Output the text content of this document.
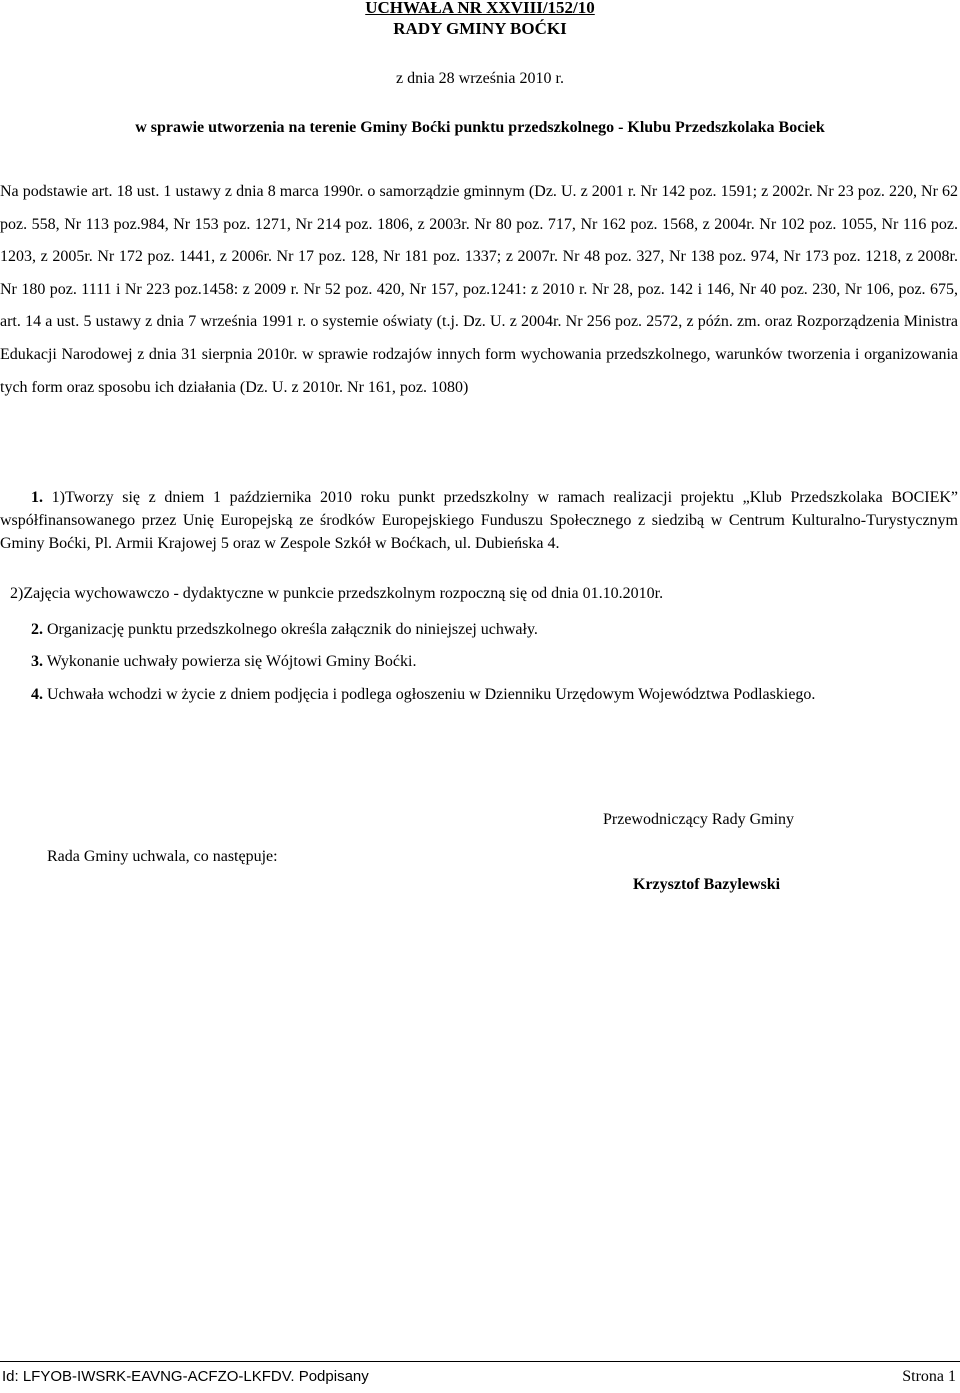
UCHWAŁA NR XXVIII/152/10
RADY GMINY BOĆKI
z dnia 28 września 2010 r.
w sprawie utworzenia na terenie Gminy Boćki punktu przedszkolnego - Klubu Przedszkolaka Bociek
Na podstawie art. 18 ust. 1 ustawy z dnia 8 marca 1990r. o samorządzie gminnym (Dz. U. z 2001 r. Nr 142 poz. 1591; z 2002r. Nr 23 poz. 220, Nr 62 poz. 558, Nr 113 poz.984, Nr 153 poz. 1271, Nr 214 poz. 1806, z 2003r. Nr 80 poz. 717, Nr 162 poz. 1568, z 2004r. Nr 102 poz. 1055, Nr 116 poz. 1203, z 2005r. Nr 172 poz. 1441, z 2006r. Nr 17 poz. 128, Nr 181 poz. 1337; z 2007r. Nr 48 poz. 327, Nr 138 poz. 974, Nr 173 poz. 1218, z 2008r. Nr 180 poz. 1111 i Nr 223 poz.1458: z 2009 r. Nr 52 poz. 420, Nr 157, poz.1241: z 2010 r. Nr 28, poz. 142 i 146, Nr 40 poz. 230, Nr 106, poz. 675, art. 14 a ust. 5 ustawy z dnia 7 września 1991 r. o systemie oświaty (t.j. Dz. U. z 2004r. Nr 256 poz. 2572, z późn. zm. oraz Rozporządzenia Ministra Edukacji Narodowej z dnia 31 sierpnia 2010r. w sprawie rodzajów innych form wychowania przedszkolnego, warunków tworzenia i organizowania tych form oraz sposobu ich działania (Dz. U. z 2010r. Nr 161, poz. 1080)
Rada Gminy uchwala, co następuje:
1. 1)Tworzy się z dniem 1 października 2010 roku punkt przedszkolny w ramach realizacji projektu „Klub Przedszkolaka BOCIEK” współfinansowanego przez Unię Europejską ze środków Europejskiego Funduszu Społecznego z siedzibą w Centrum Kulturalno-Turystycznym Gminy Boćki, Pl. Armii Krajowej 5 oraz w Zespole Szkół w Boćkach, ul. Dubieńska 4.
2)Zajęcia wychowawczo - dydaktyczne w punkcie przedszkolnym rozpoczną się od dnia 01.10.2010r.
2. Organizację punktu przedszkolnego określa załącznik do niniejszej uchwały.
3. Wykonanie uchwały powierza się Wójtowi Gminy Boćki.
4. Uchwała wchodzi w życie z dniem podjęcia i podlega ogłoszeniu w Dzienniku Urzędowym Województwa Podlaskiego.
Przewodniczący Rady Gminy
Krzysztof Bazylewski
Id: LFYOB-IWSRK-EAVNG-ACFZO-LKFDV. Podpisany	Strona 1
